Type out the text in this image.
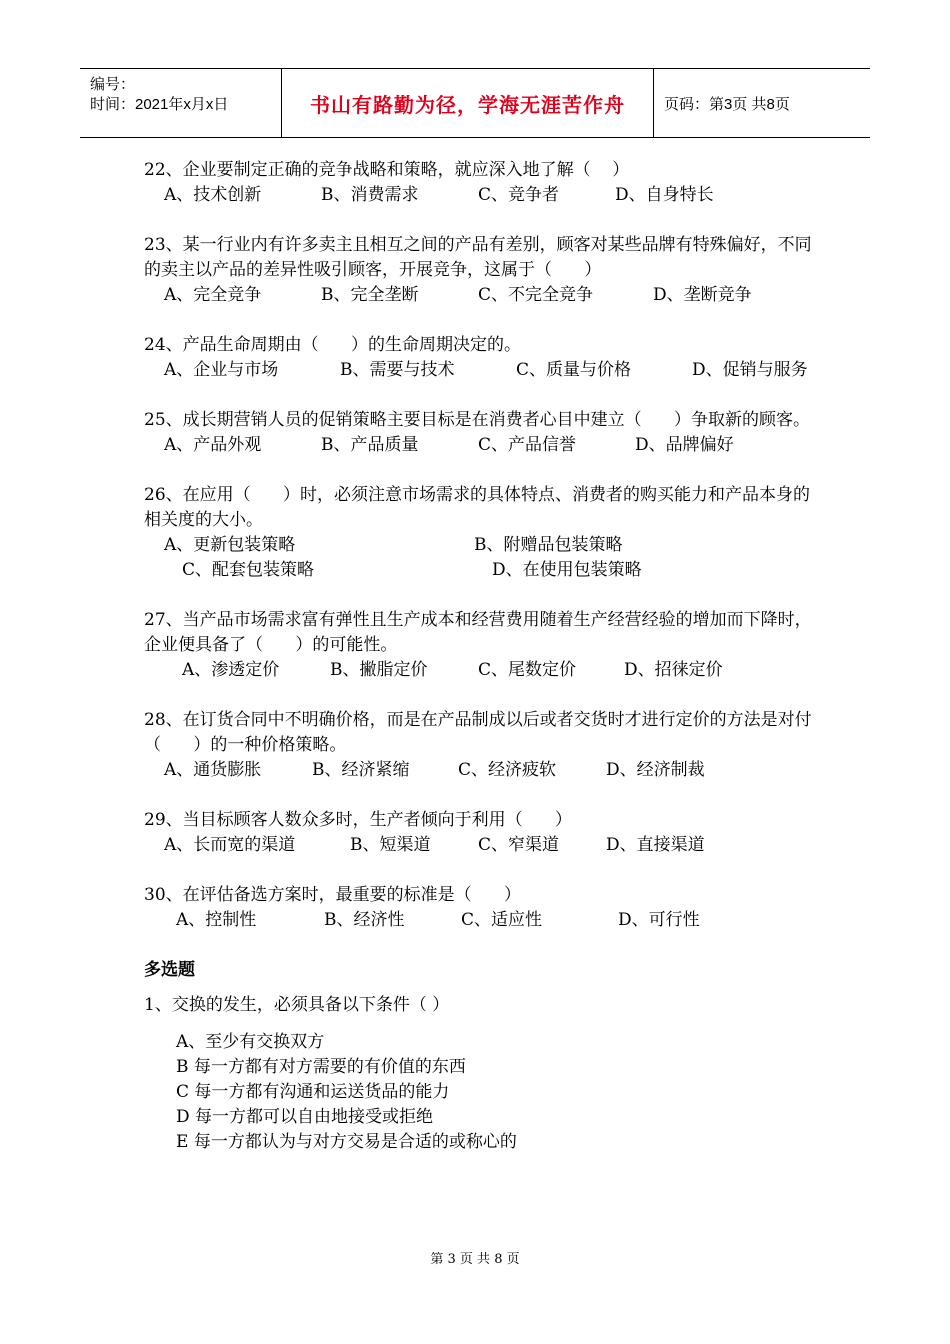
编号：
时间：2021年x月x日	书山有路勤为径，学海无涯苦作舟	页码：第3页 共8页
22、企业要制定正确的竞争战略和策略，就应深入地了解（    ）
A、技术创新	B、消费需求	C、竞争者	D、自身特长
23、某一行业内有许多卖主且相互之间的产品有差别，顾客对某些品牌有特殊偏好，不同的卖主以产品的差异性吸引顾客，开展竞争，这属于（      ）
A、完全竞争	B、完全垄断	C、不完全竞争	D、垄断竞争
24、产品生命周期由（      ）的生命周期决定的。
A、企业与市场	B、需要与技术	C、质量与价格	D、促销与服务
25、成长期营销人员的促销策略主要目标是在消费者心目中建立（      ）争取新的顾客。
A、产品外观	B、产品质量	C、产品信誉	D、品牌偏好
26、在应用（      ）时，必须注意市场需求的具体特点、消费者的购买能力和产品本身的相关度的大小。
A、更新包装策略	B、附赠品包装策略
C、配套包装策略	D、在使用包装策略
27、当产品市场需求富有弹性且生产成本和经营费用随着生产经营经验的增加而下降时，企业便具备了（      ）的可能性。
A、渗透定价	B、撇脂定价	C、尾数定价	D、招徕定价
28、在订货合同中不明确价格，而是在产品制成以后或者交货时才进行定价的方法是对付（      ）的一种价格策略。
A、通货膨胀	B、经济紧缩	C、经济疲软	D、经济制裁
29、当目标顾客人数众多时，生产者倾向于利用（      ）
A、长而宽的渠道	B、短渠道	C、窄渠道	D、直接渠道
30、在评估备选方案时，最重要的标准是（      ）
A、控制性	B、经济性	C、适应性	D、可行性
多选题
1、交换的发生，必须具备以下条件（ ）
A、至少有交换双方
B 每一方都有对方需要的有价值的东西
C 每一方都有沟通和运送货品的能力
D 每一方都可以自由地接受或拒绝
E 每一方都认为与对方交易是合适的或称心的
第 3 页 共 8 页
